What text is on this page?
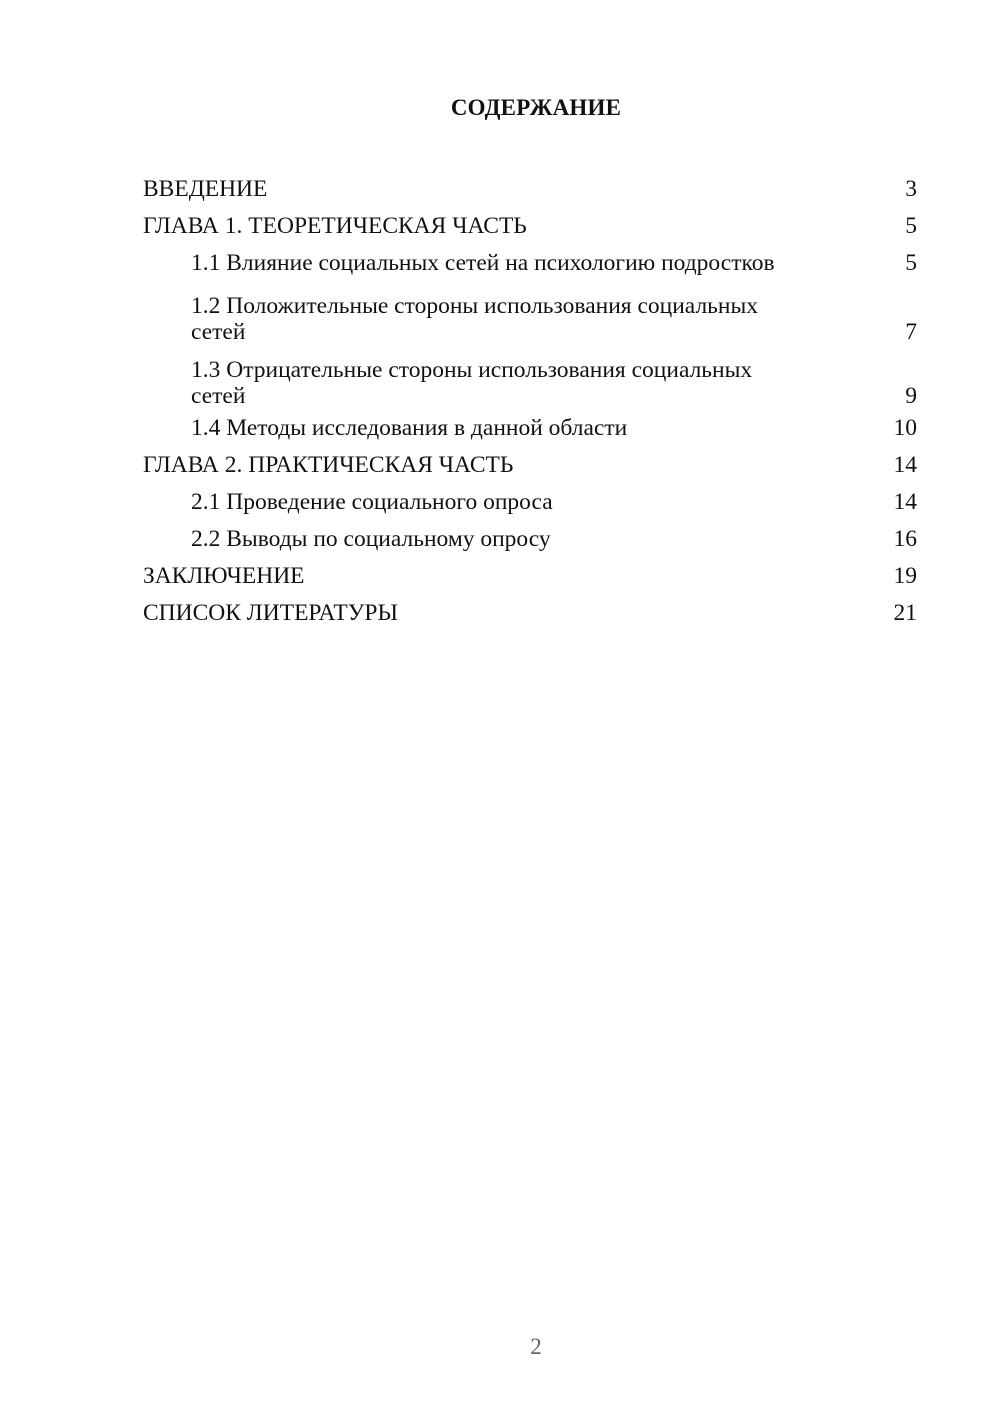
СОДЕРЖАНИЕ
ВВЕДЕНИЕ	3
ГЛАВА 1. ТЕОРЕТИЧЕСКАЯ ЧАСТЬ	5
1.1 Влияние социальных сетей на психологию подростков	5
1.2 Положительные стороны использования социальных
сетей	7
1.3 Отрицательные стороны использования социальных
сетей	9
1.4 Методы исследования в данной области	10
ГЛАВА 2. ПРАКТИЧЕСКАЯ ЧАСТЬ	14
2.1 Проведение социального опроса	14
2.2 Выводы по социальному опросу	16
ЗАКЛЮЧЕНИЕ	19
СПИСОК ЛИТЕРАТУРЫ	21
2
